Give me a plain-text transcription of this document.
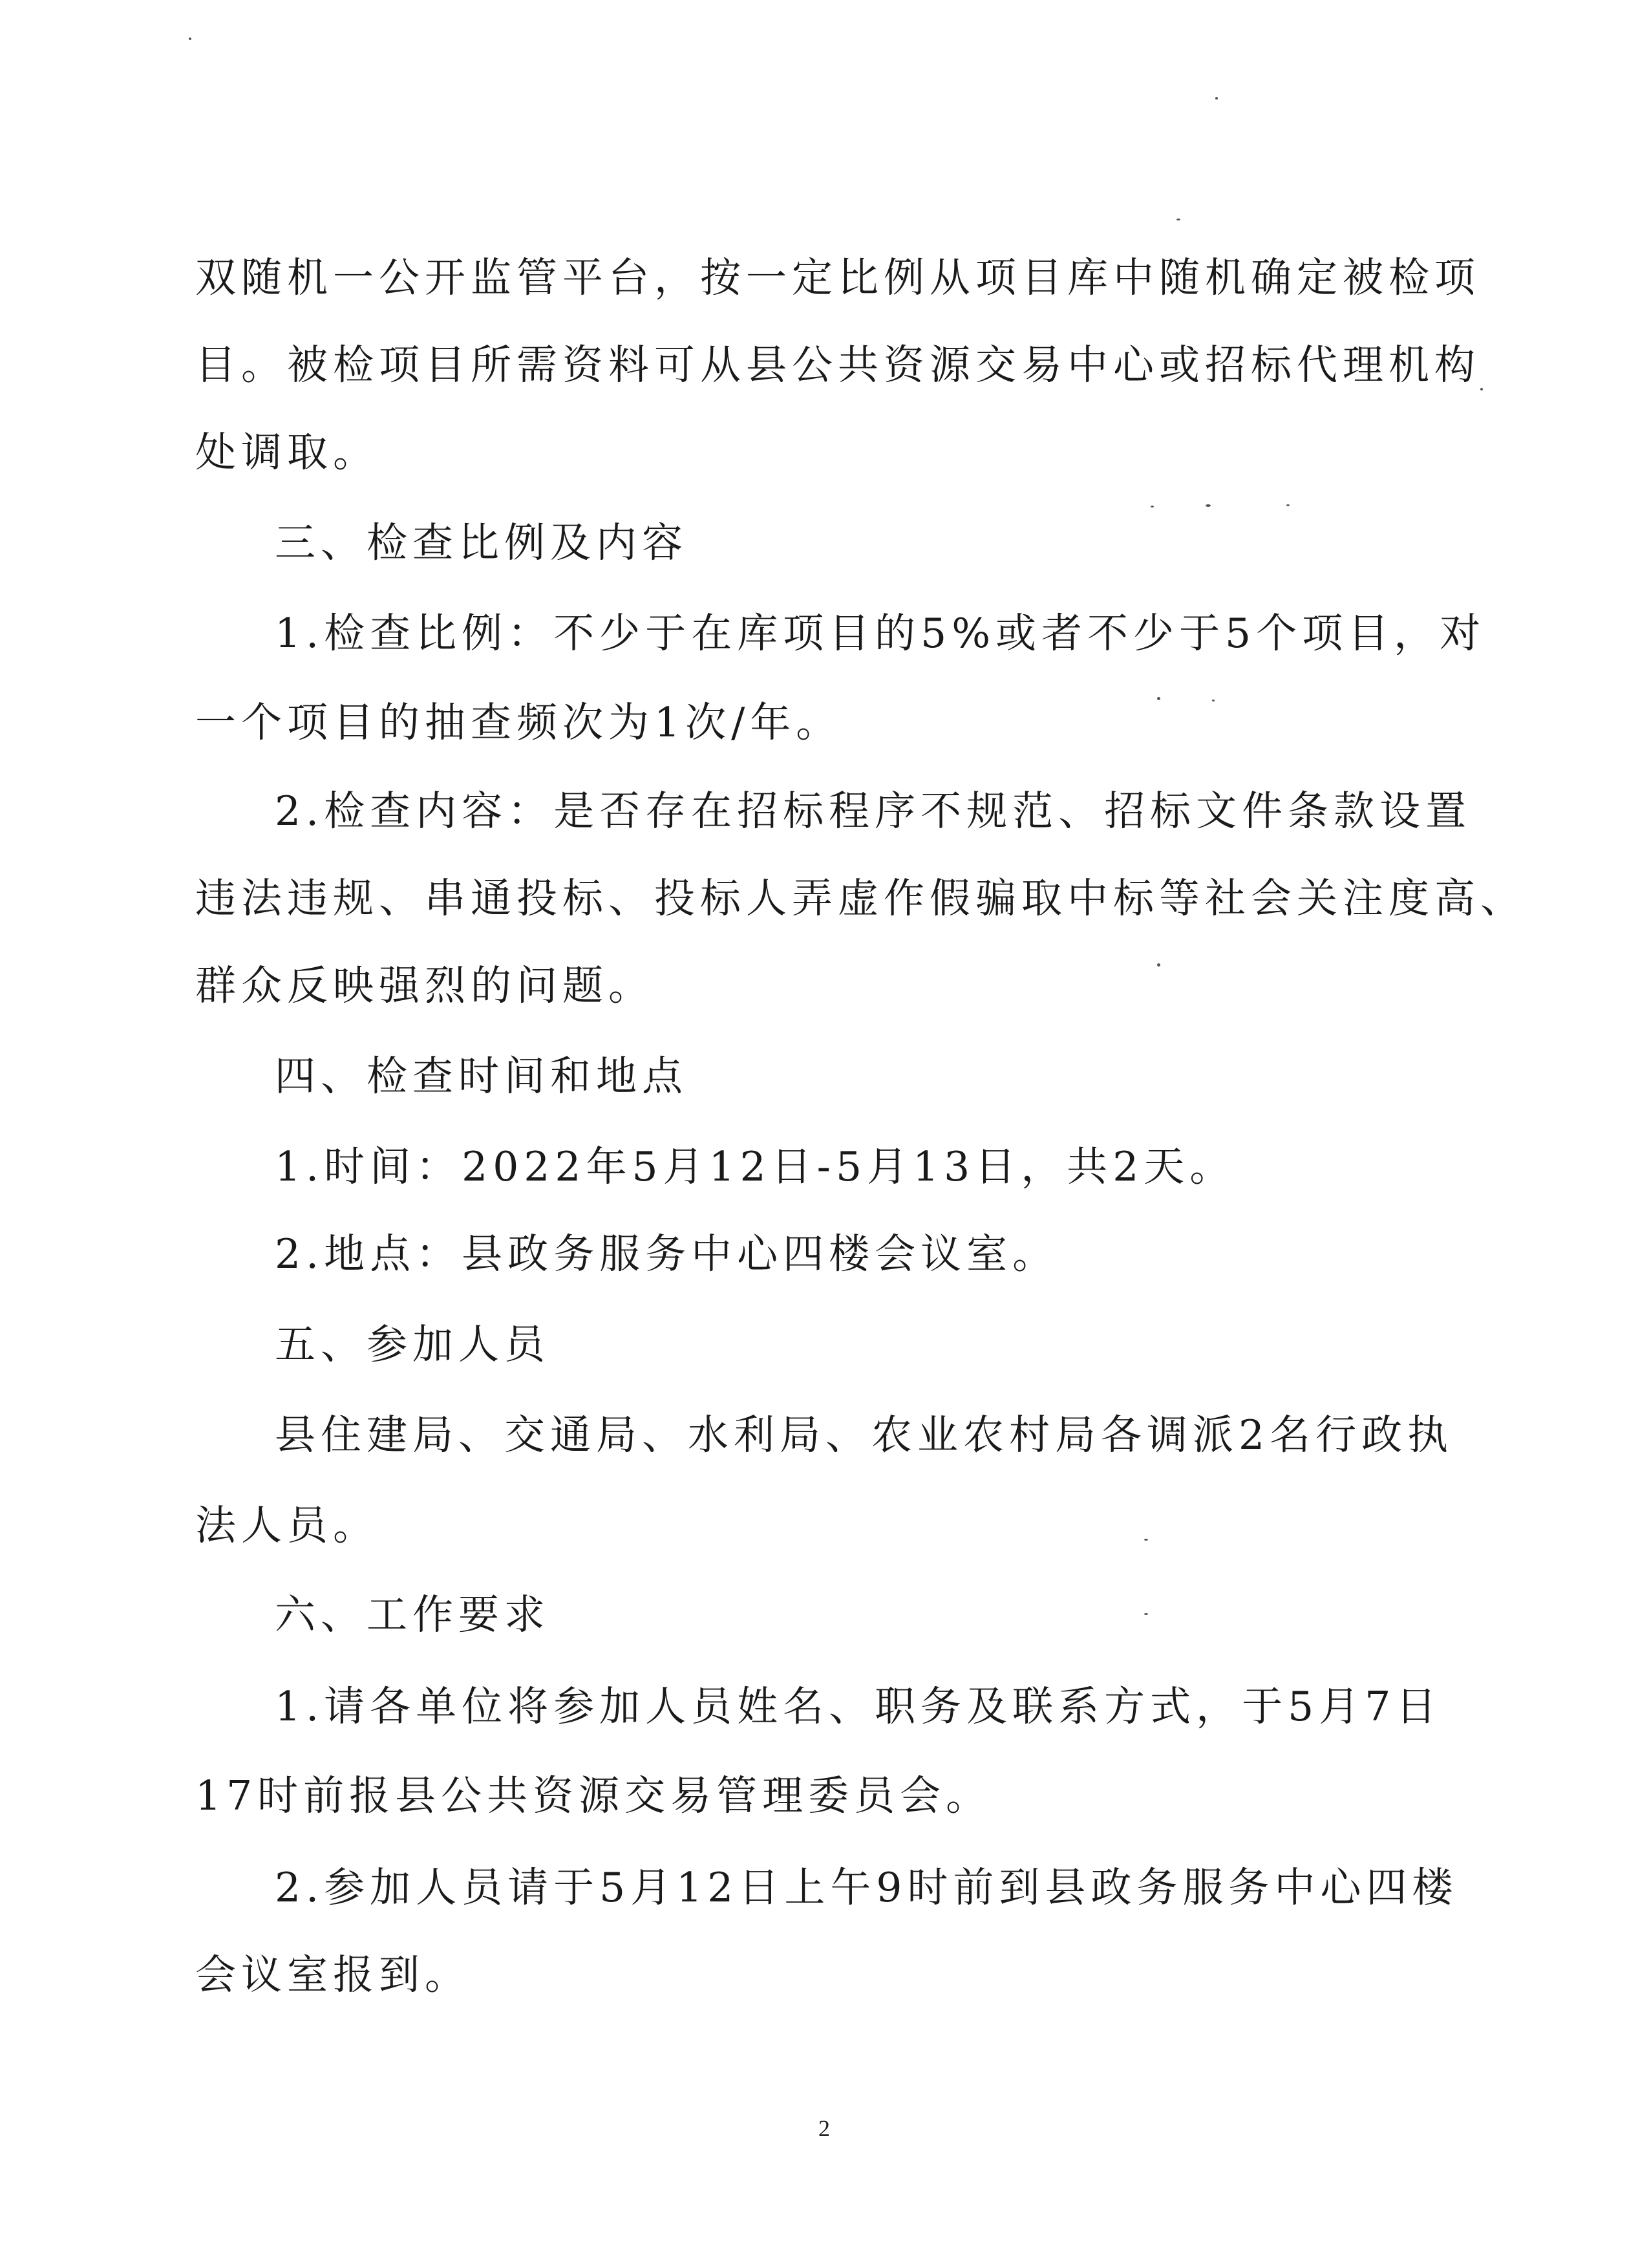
双随机一公开监管平台，按一定比例从项目库中随机确定被检项
目。被检项目所需资料可从县公共资源交易中心或招标代理机构
处调取。
三、检查比例及内容
1.检查比例：不少于在库项目的5%或者不少于5个项目，对
一个项目的抽查频次为1次/年。
2.检查内容：是否存在招标程序不规范、招标文件条款设置
违法违规、串通投标、投标人弄虚作假骗取中标等社会关注度高、
群众反映强烈的问题。
四、检查时间和地点
1.时间：2022年5月12日-5月13日，共2天。
2.地点：县政务服务中心四楼会议室。
五、参加人员
县住建局、交通局、水利局、农业农村局各调派2名行政执
法人员。
六、工作要求
1.请各单位将参加人员姓名、职务及联系方式，于5月7日
17时前报县公共资源交易管理委员会。
2.参加人员请于5月12日上午9时前到县政务服务中心四楼
会议室报到。
2
